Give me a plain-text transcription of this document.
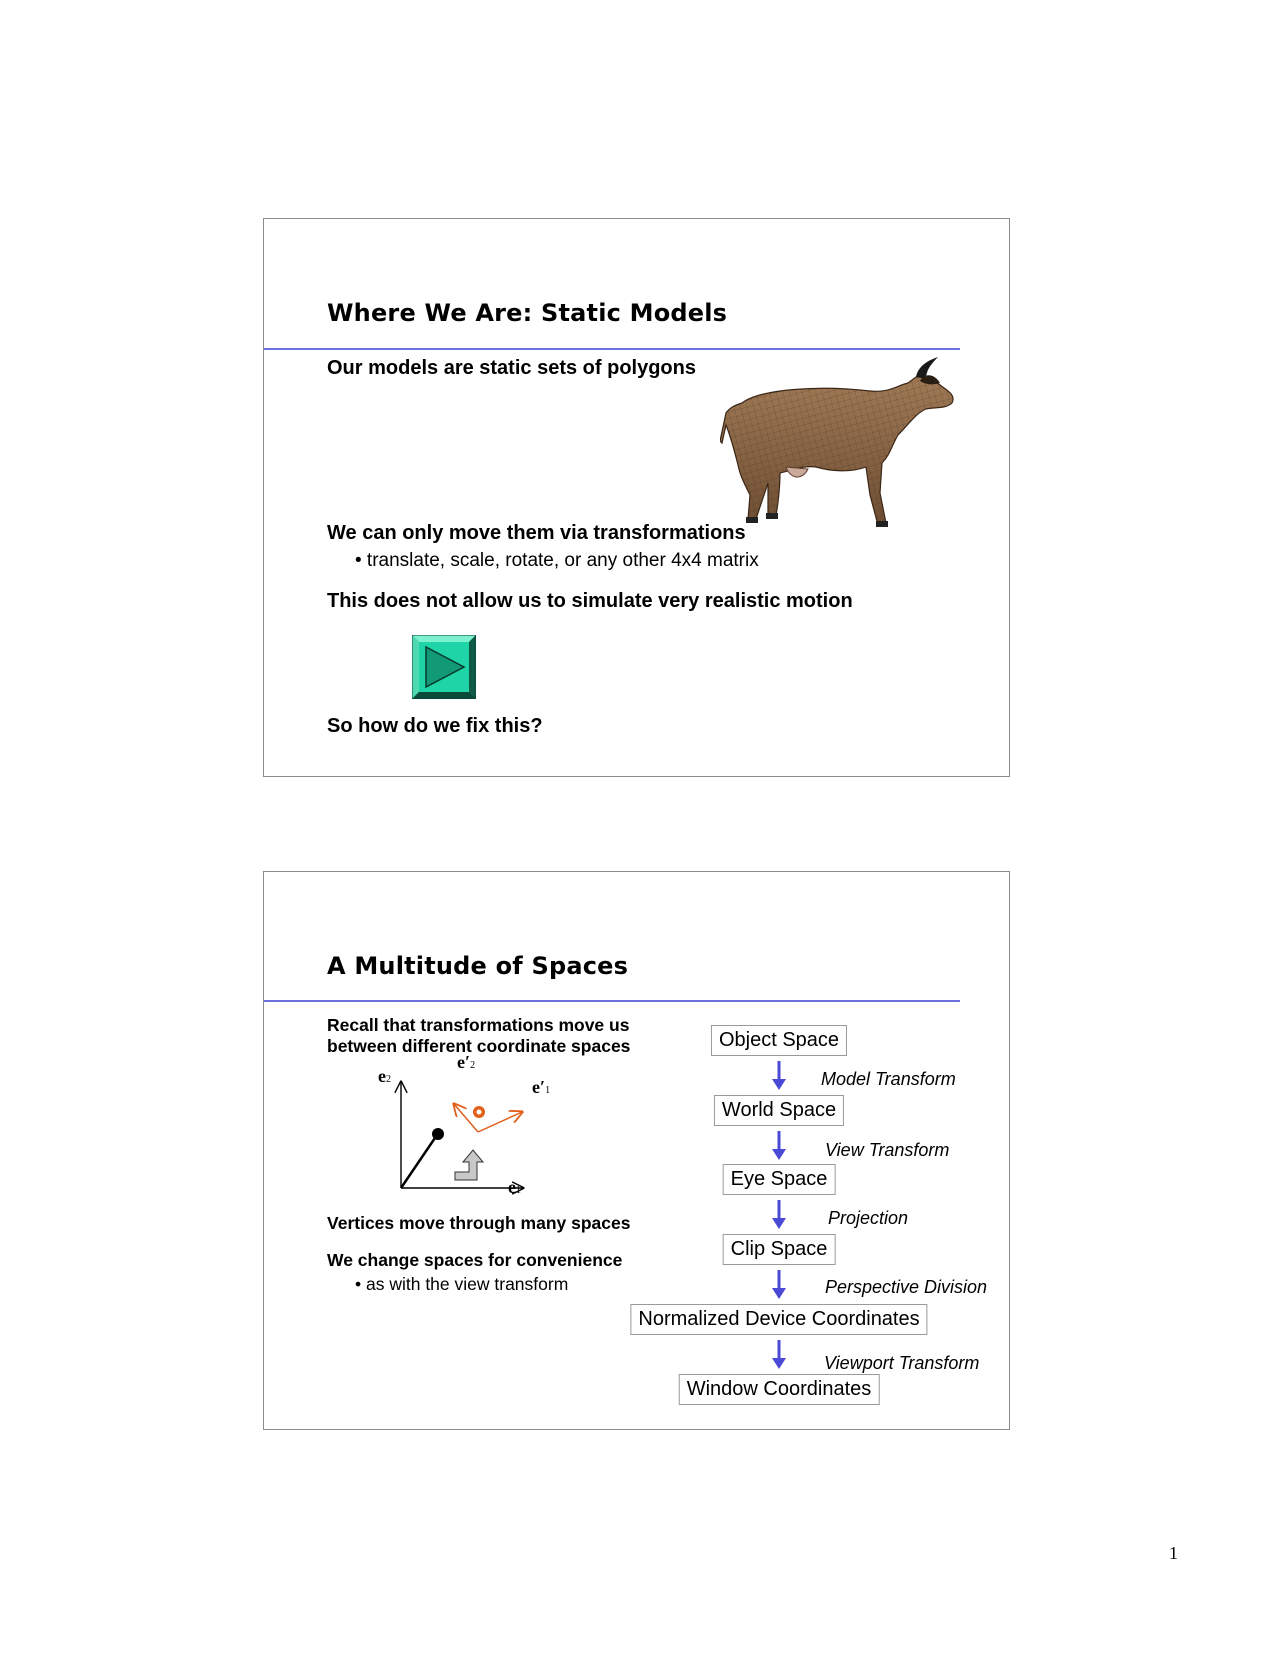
Where We Are: Static Models
Our models are static sets of polygons
We can only move them via transformations
• translate, scale, rotate, or any other 4x4 matrix
This does not allow us to simulate very realistic motion
So how do we fix this?
A Multitude of Spaces
Recall that transformations move us
between different coordinate spaces
e2
e1
e′2
e′1
Vertices move through many spaces
We change spaces for convenience
• as with the view transform
Object Space
World Space
Eye Space
Clip Space
Normalized Device Coordinates
Window Coordinates
Model Transform
View Transform
Projection
Perspective Division
Viewport Transform
1
